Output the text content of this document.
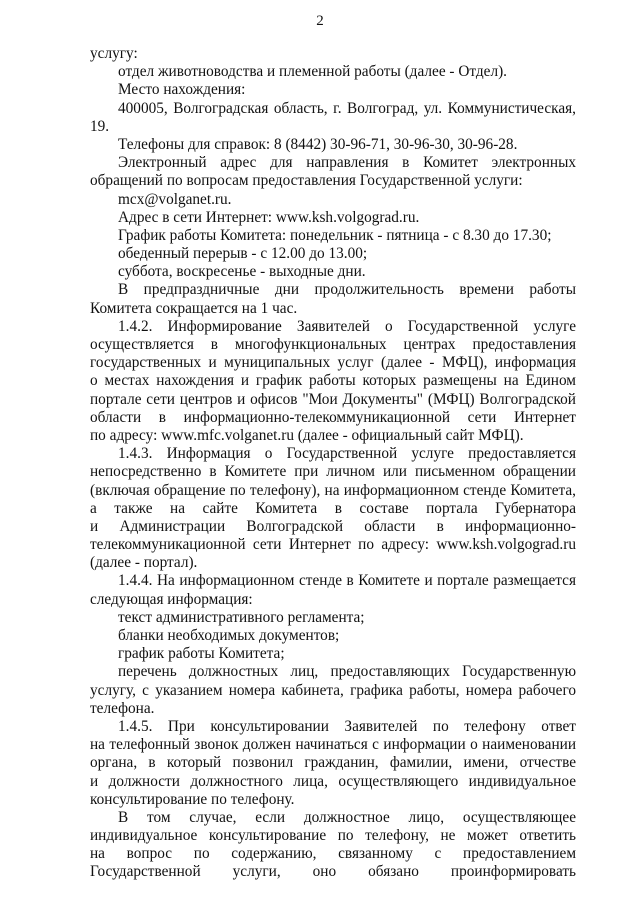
2
услугу:
отдел животноводства и племенной работы (далее - Отдел).
Место нахождения:
400005, Волгоградская область, г. Волгоград, ул. Коммунистическая,
19.
Телефоны для справок: 8 (8442) 30-96-71, 30-96-30, 30-96-28.
Электронный адрес для направления в Комитет электронных
обращений по вопросам предоставления Государственной услуги:
mcx@volganet.ru.
Адрес в сети Интернет: www.ksh.volgograd.ru.
График работы Комитета: понедельник - пятница - с 8.30 до 17.30;
обеденный перерыв - с 12.00 до 13.00;
суббота, воскресенье - выходные дни.
В предпраздничные дни продолжительность времени работы
Комитета сокращается на 1 час.
1.4.2. Информирование Заявителей о Государственной услуге
осуществляется в многофункциональных центрах предоставления
государственных и муниципальных услуг (далее - МФЦ), информация
о местах нахождения и график работы которых размещены на Едином
портале сети центров и офисов "Мои Документы" (МФЦ) Волгоградской
области в информационно-телекоммуникационной сети Интернет
по адресу: www.mfc.volganet.ru (далее - официальный сайт МФЦ).
1.4.3. Информация о Государственной услуге предоставляется
непосредственно в Комитете при личном или письменном обращении
(включая обращение по телефону), на информационном стенде Комитета,
а также на сайте Комитета в составе портала Губернатора
и Администрации Волгоградской области в информационно-
телекоммуникационной сети Интернет по адресу: www.ksh.volgograd.ru
(далее - портал).
1.4.4. На информационном стенде в Комитете и портале размещается
следующая информация:
текст административного регламента;
бланки необходимых документов;
график работы Комитета;
перечень должностных лиц, предоставляющих Государственную
услугу, с указанием номера кабинета, графика работы, номера рабочего
телефона.
1.4.5. При консультировании Заявителей по телефону ответ
на телефонный звонок должен начинаться с информации о наименовании
органа, в который позвонил гражданин, фамилии, имени, отчестве
и должности должностного лица, осуществляющего индивидуальное
консультирование по телефону.
В том случае, если должностное лицо, осуществляющее
индивидуальное консультирование по телефону, не может ответить
на вопрос по содержанию, связанному с предоставлением
Государственной услуги, оно обязано проинформировать
